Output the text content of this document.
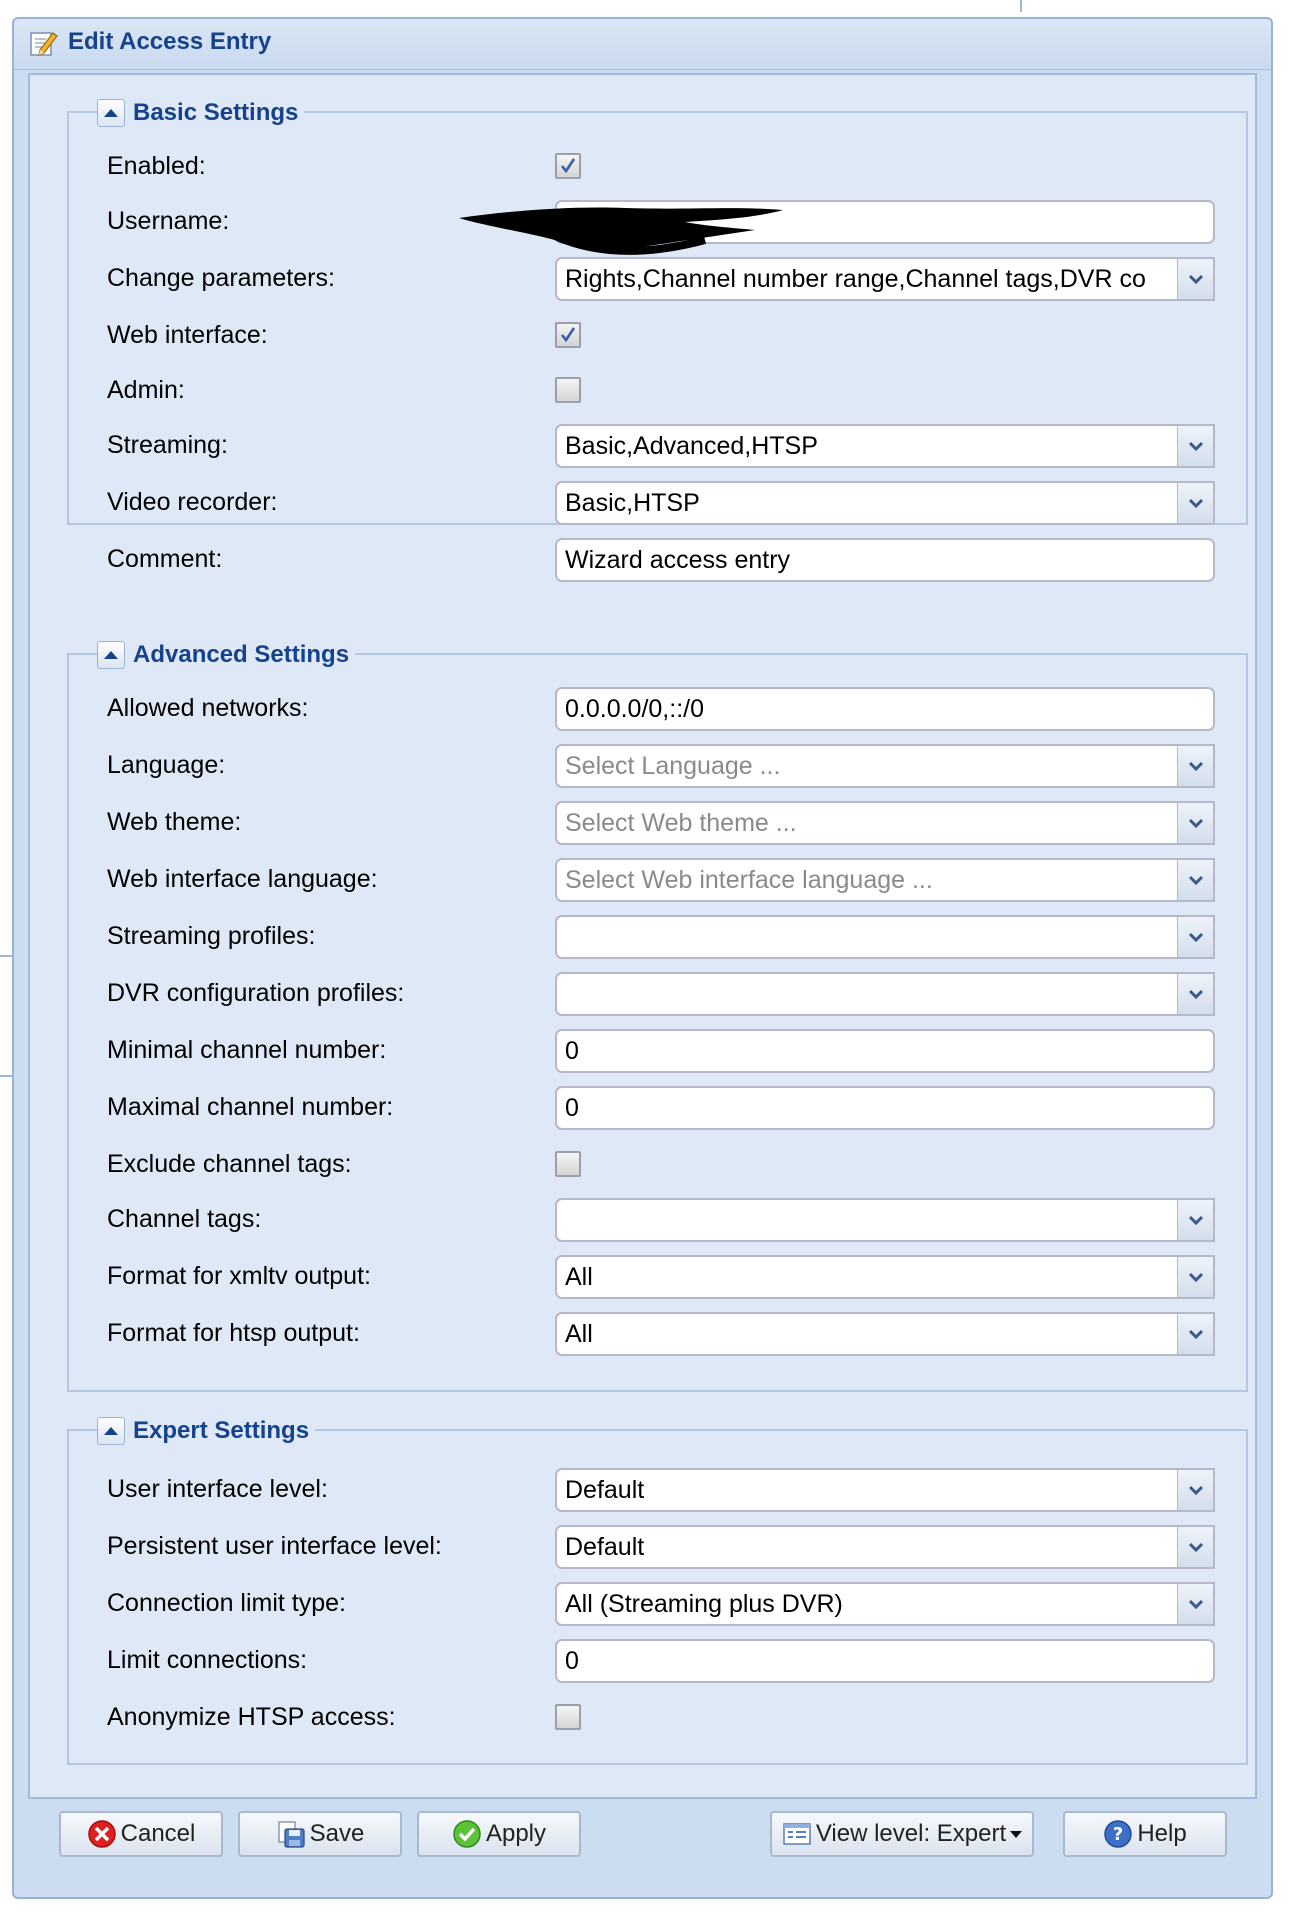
Edit Access Entry
Basic Settings
Enabled:
Username:
Change parameters:	Rights,Channel number range,Channel tags,DVR co
Web interface:
Admin:
Streaming:	Basic,Advanced,HTSP
Video recorder:	Basic,HTSP
Comment:	Wizard access entry
Advanced Settings
Allowed networks:	0.0.0.0/0,::/0
Language:	Select Language ...
Web theme:	Select Web theme ...
Web interface language:	Select Web interface language ...
Streaming profiles:
DVR configuration profiles:
Minimal channel number:	0
Maximal channel number:	0
Exclude channel tags:
Channel tags:
Format for xmltv output:	All
Format for htsp output:	All
Expert Settings
User interface level:	Default
Persistent user interface level:	Default
Connection limit type:	All (Streaming plus DVR)
Limit connections:	0
Anonymize HTSP access:
Cancel	Save	Apply	View level: Expert	? Help
